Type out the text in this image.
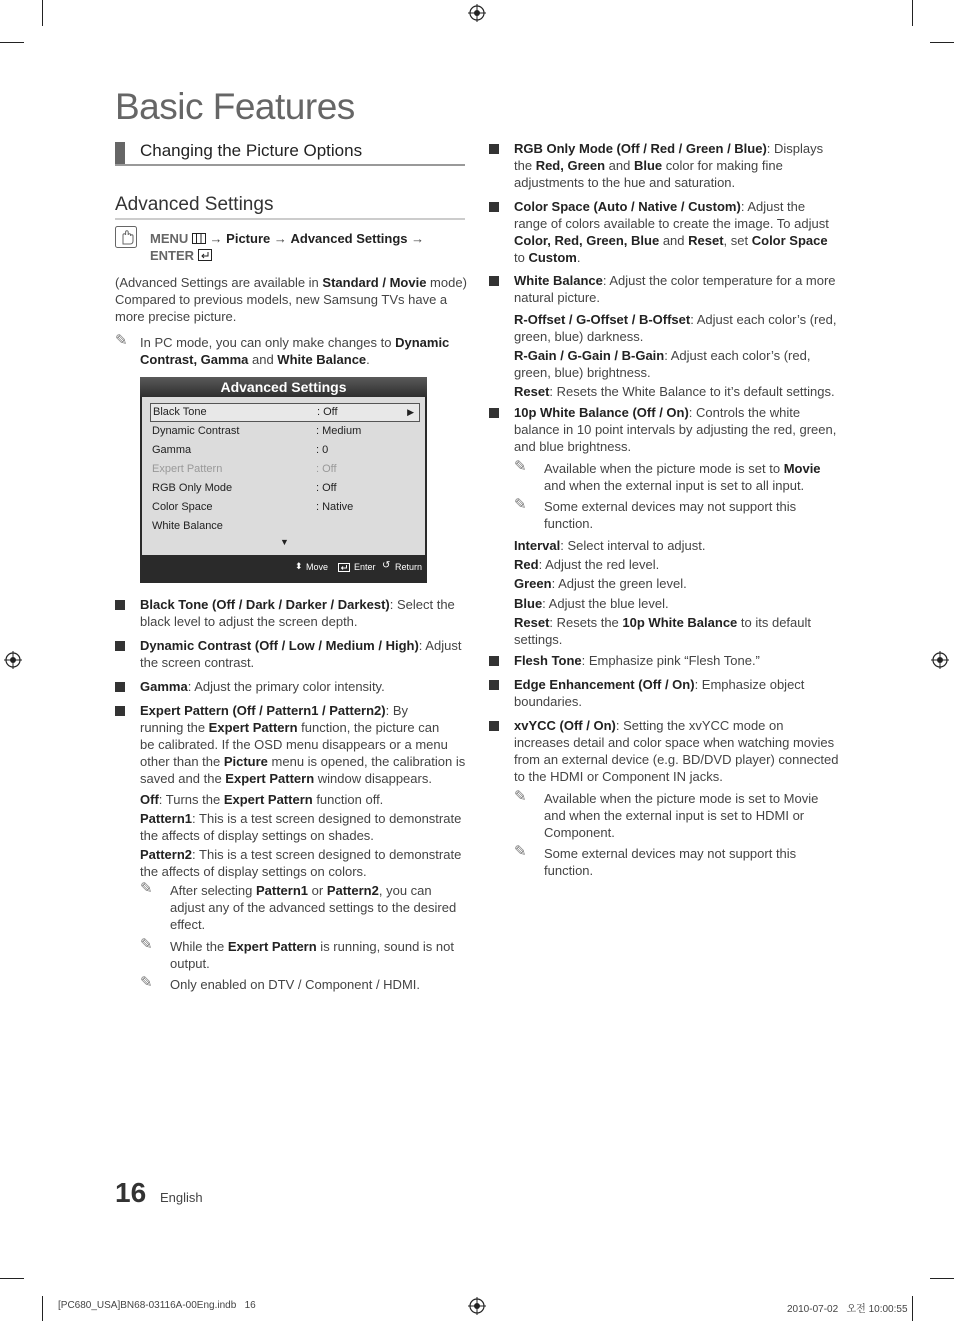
Basic Features
Changing the Picture Options
Advanced Settings
MENU → Picture → Advanced Settings →
ENTER
(Advanced Settings are available in Standard / Movie mode)
Compared to previous models, new Samsung TVs have a
more precise picture.
✎ In PC mode, you can only make changes to Dynamic
Contrast, Gamma and White Balance.
Advanced Settings
Black Tone	: Off	▶
Dynamic Contrast	: Medium
Gamma	: 0
Expert Pattern	: Off
RGB Only Mode	: Off
Color Space	: Native
White Balance
▼
⬍ Move	Enter ↺ Return
Black Tone (Off / Dark / Darker / Darkest): Select the
black level to adjust the screen depth.
Dynamic Contrast (Off / Low / Medium / High): Adjust
the screen contrast.
Gamma: Adjust the primary color intensity.
Expert Pattern (Off / Pattern1 / Pattern2): By
running the Expert Pattern function, the picture can
be calibrated. If the OSD menu disappears or a menu
other than the Picture menu is opened, the calibration is
saved and the Expert Pattern window disappears.
Off: Turns the Expert Pattern function off.
Pattern1: This is a test screen designed to demonstrate
the affects of display settings on shades.
Pattern2: This is a test screen designed to demonstrate
the affects of display settings on colors.
✎ After selecting Pattern1 or Pattern2, you can
adjust any of the advanced settings to the desired
effect.
✎ While the Expert Pattern is running, sound is not
output.
✎ Only enabled on DTV / Component / HDMI.
RGB Only Mode (Off / Red / Green / Blue): Displays
the Red, Green and Blue color for making fine
adjustments to the hue and saturation.
Color Space (Auto / Native / Custom): Adjust the
range of colors available to create the image. To adjust
Color, Red, Green, Blue and Reset, set Color Space
to Custom.
White Balance: Adjust the color temperature for a more
natural picture.
R-Offset / G-Offset / B-Offset: Adjust each color’s (red,
green, blue) darkness.
R-Gain / G-Gain / B-Gain: Adjust each color’s (red,
green, blue) brightness.
Reset: Resets the White Balance to it’s default settings.
10p White Balance (Off / On): Controls the white
balance in 10 point intervals by adjusting the red, green,
and blue brightness.
✎ Available when the picture mode is set to Movie
and when the external input is set to all input.
✎ Some external devices may not support this
function.
Interval: Select interval to adjust.
Red: Adjust the red level.
Green: Adjust the green level.
Blue: Adjust the blue level.
Reset: Resets the 10p White Balance to its default
settings.
Flesh Tone: Emphasize pink “Flesh Tone.”
Edge Enhancement (Off / On): Emphasize object
boundaries.
xvYCC (Off / On): Setting the xvYCC mode on
increases detail and color space when watching movies
from an external device (e.g. BD/DVD player) connected
to the HDMI or Component IN jacks.
✎ Available when the picture mode is set to Movie
and when the external input is set to HDMI or
Component.
✎ Some external devices may not support this
function.
16 English
[PC680_USA]BN68-03116A-00Eng.indb   16	2010-07-02   오전 10:00:55
